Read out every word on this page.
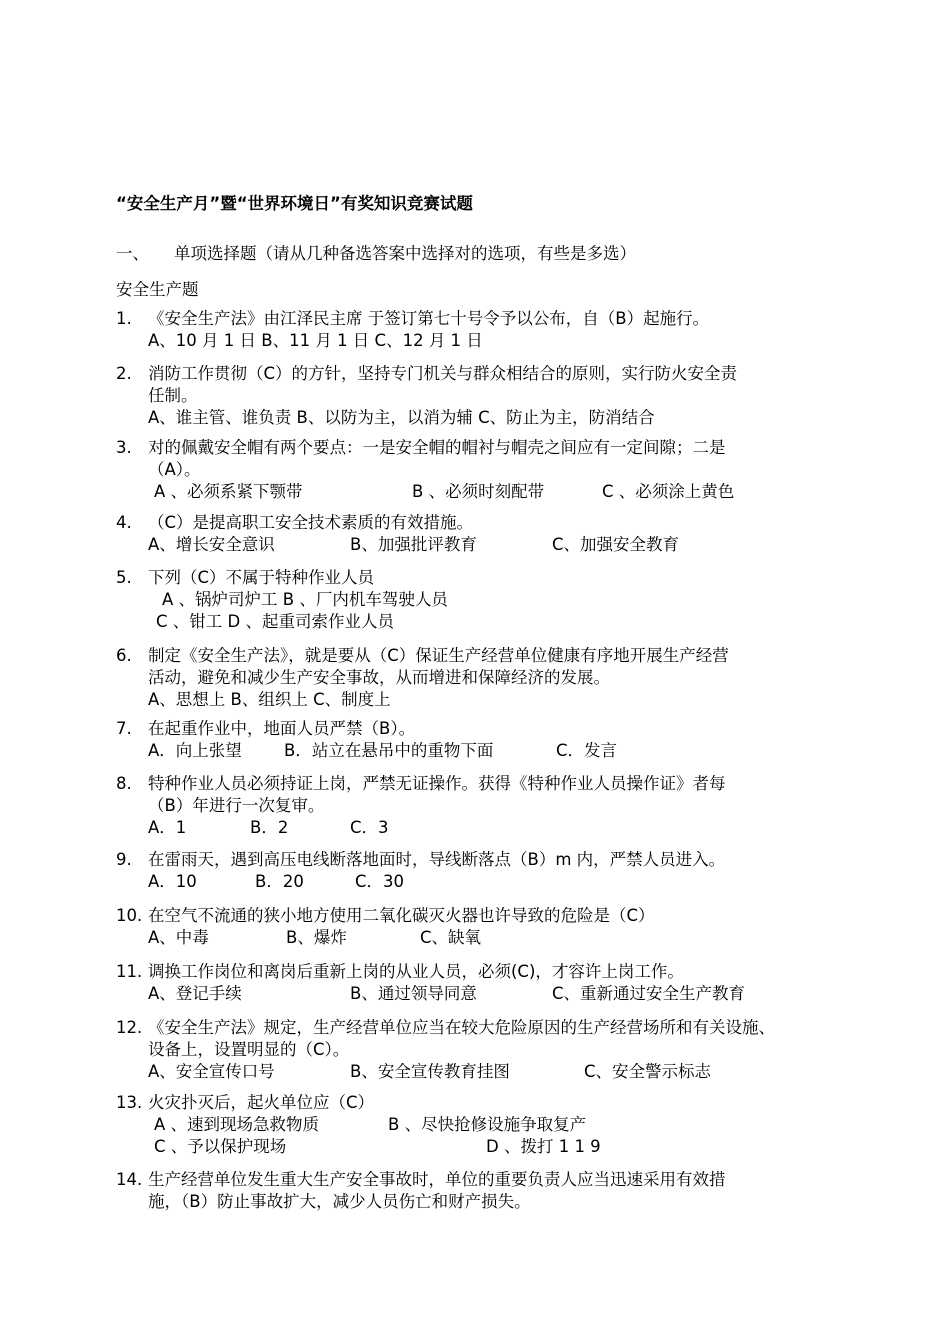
“安全生产月”暨“世界环境日”有奖知识竞赛试题
一、 单项选择题（请从几种备选答案中选择对的选项，有些是多选）
安全生产题
1. 《安全生产法》由江泽民主席 于签订第七十号令予以公布，自（B）起施行。
A、10 月 1 日 B、11 月 1 日 C、12 月 1 日
2. 消防工作贯彻（C）的方针，坚持专门机关与群众相结合的原则，实行防火安全责
任制。
A、谁主管、谁负责 B、以防为主，以消为辅 C、防止为主，防消结合
3. 对的佩戴安全帽有两个要点：一是安全帽的帽衬与帽壳之间应有一定间隙；二是
（A）。
A 、必须系紧下颚带	B 、必须时刻配带	C 、必须涂上黄色
4. （C）是提高职工安全技术素质的有效措施。
A、增长安全意识	B、加强批评教育	C、加强安全教育
5. 下列（C）不属于特种作业人员
A 、锅炉司炉工 B 、厂内机车驾驶人员
C 、钳工 D 、起重司索作业人员
6. 制定《安全生产法》，就是要从（C）保证生产经营单位健康有序地开展生产经营
活动，避免和减少生产安全事故，从而增进和保障经济的发展。
A、思想上 B、组织上 C、制度上
7. 在起重作业中，地面人员严禁（B）。
A．向上张望	B．站立在悬吊中的重物下面	C．发言
8. 特种作业人员必须持证上岗，严禁无证操作。获得《特种作业人员操作证》者每
（B）年进行一次复审。
A．1	B．2	C．3
9. 在雷雨天，遇到高压电线断落地面时，导线断落点（B）m 内，严禁人员进入。
A．10	B．20	C．30
10. 在空气不流通的狭小地方使用二氧化碳灭火器也许导致的危险是（C）
A、中毒	B、爆炸	C、缺氧
11. 调换工作岗位和离岗后重新上岗的从业人员，必须(C)，才容许上岗工作。
A、登记手续	B、通过领导同意	C、重新通过安全生产教育
12. 《安全生产法》规定，生产经营单位应当在较大危险原因的生产经营场所和有关设施、
设备上，设置明显的（C）。
A、安全宣传口号	B、安全宣传教育挂图	C、安全警示标志
13. 火灾扑灭后，起火单位应（C）
A 、速到现场急救物质	B 、尽快抢修设施争取复产
C 、予以保护现场	D 、拨打 1 1 9
14. 生产经营单位发生重大生产安全事故时，单位的重要负责人应当迅速采用有效措
施，（B）防止事故扩大，减少人员伤亡和财产损失。
